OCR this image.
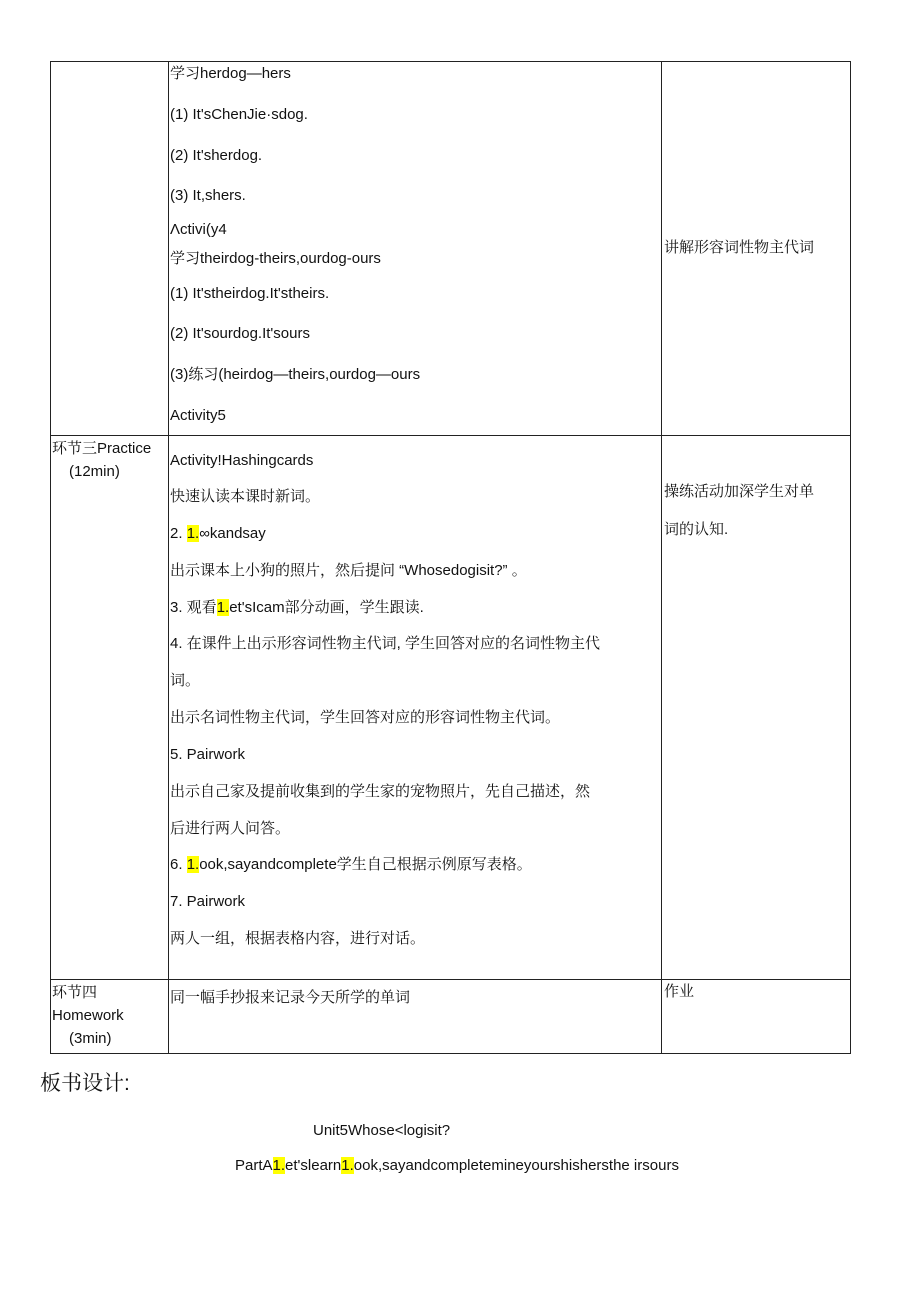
学习herdog—hers
(1) It'sChenJie·sdog.
(2) It'sherdog.
(3) It,shers.
Λctivi(y4
学习theirdog-theirs,ourdog-ours
(1) It'stheirdog.It'stheirs.
(2) It'sourdog.It'sours
(3)练习(heirdog—theirs,ourdog—ours
Activity5
讲解形容词性物主代词
环节三Practice
(12min)
Activity!Hashingcards
快速认读本课时新词。
2. 1.∞kandsay
出示课本上小狗的照片，然后提问 “Whosedogisit?” 。
3. 观看1.et'sIcam部分动画，学生跟读.
4. 在课件上出示形容词性物主代词, 学生回答对应的名词性物主代
词。
出示名词性物主代词，学生回答对应的形容词性物主代词。
5. Pairwork
出示自己家及提前收集到的学生家的宠物照片，先自己描述，然
后进行两人问答。
6. 1.ook,sayandcomplete学生自己根据示例原写表格。
7. Pairwork
两人一组，根据表格内容，进行对话。
操练活动加深学生对单
词的认知.
环节四
Homework
(3min)
同一幅手抄报来记录今天所学的单词	作业
板书设计:
Unit5Whose<logisit?
PartA1.et'slearn1.ook,sayandcompletemineyourshishersthe irsours
